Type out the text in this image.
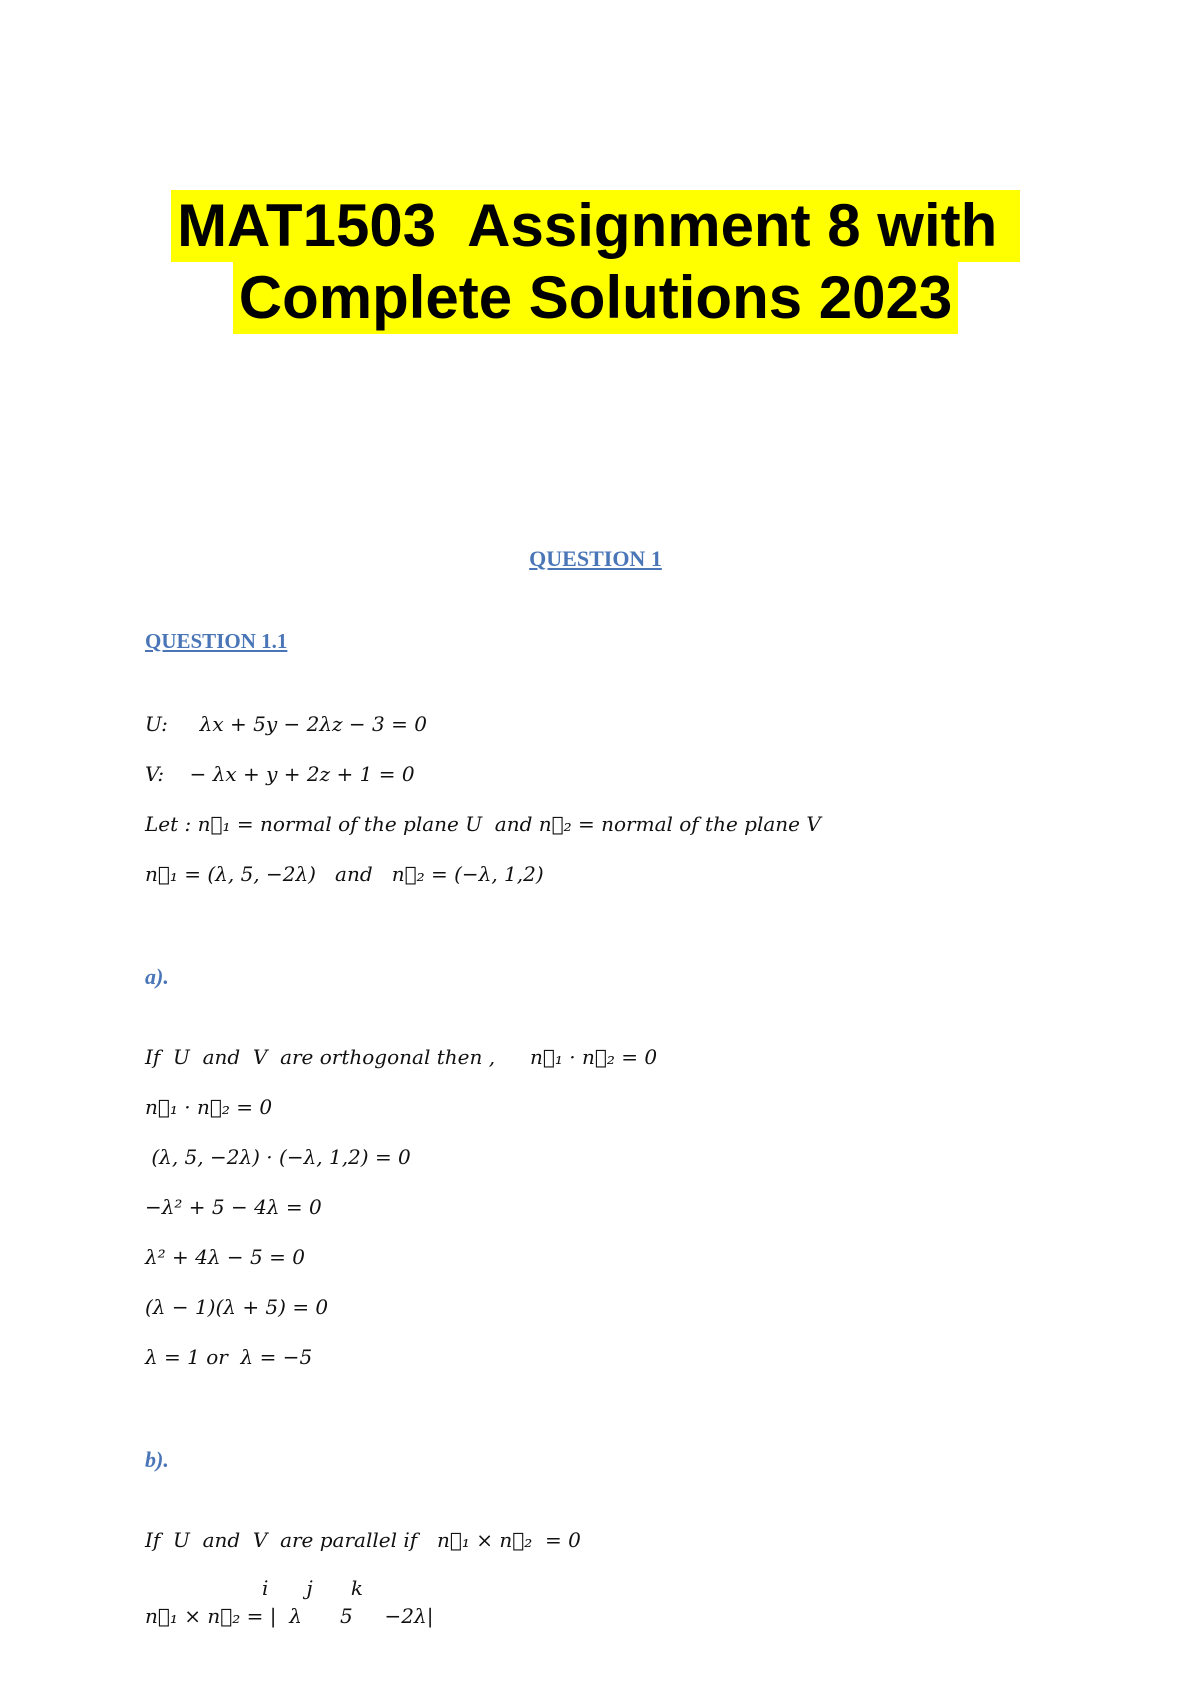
MAT1503  Assignment 8 with
Complete Solutions 2023
QUESTION 1
QUESTION 1.1
U:     λx + 5y − 2λz − 3 = 0
V:    − λx + y + 2z + 1 = 0
Let : n⃗₁ = normal of the plane U  and n⃗₂ = normal of the plane V
n⃗₁ = (λ, 5, −2λ)   and   n⃗₂ = (−λ, 1,2)
a).
If  U  and  V  are orthogonal then , n⃗₁ · n⃗₂ = 0
n⃗₁ · n⃗₂ = 0
(λ, 5, −2λ) · (−λ, 1,2) = 0
−λ² + 5 − 4λ = 0
λ² + 4λ − 5 = 0
(λ − 1)(λ + 5) = 0
λ = 1 or  λ = −5
b).
If  U  and  V  are parallel if n⃗₁ × n⃗₂  = 0
i      j      k
n⃗₁ × n⃗₂ = |  λ      5     −2λ|
